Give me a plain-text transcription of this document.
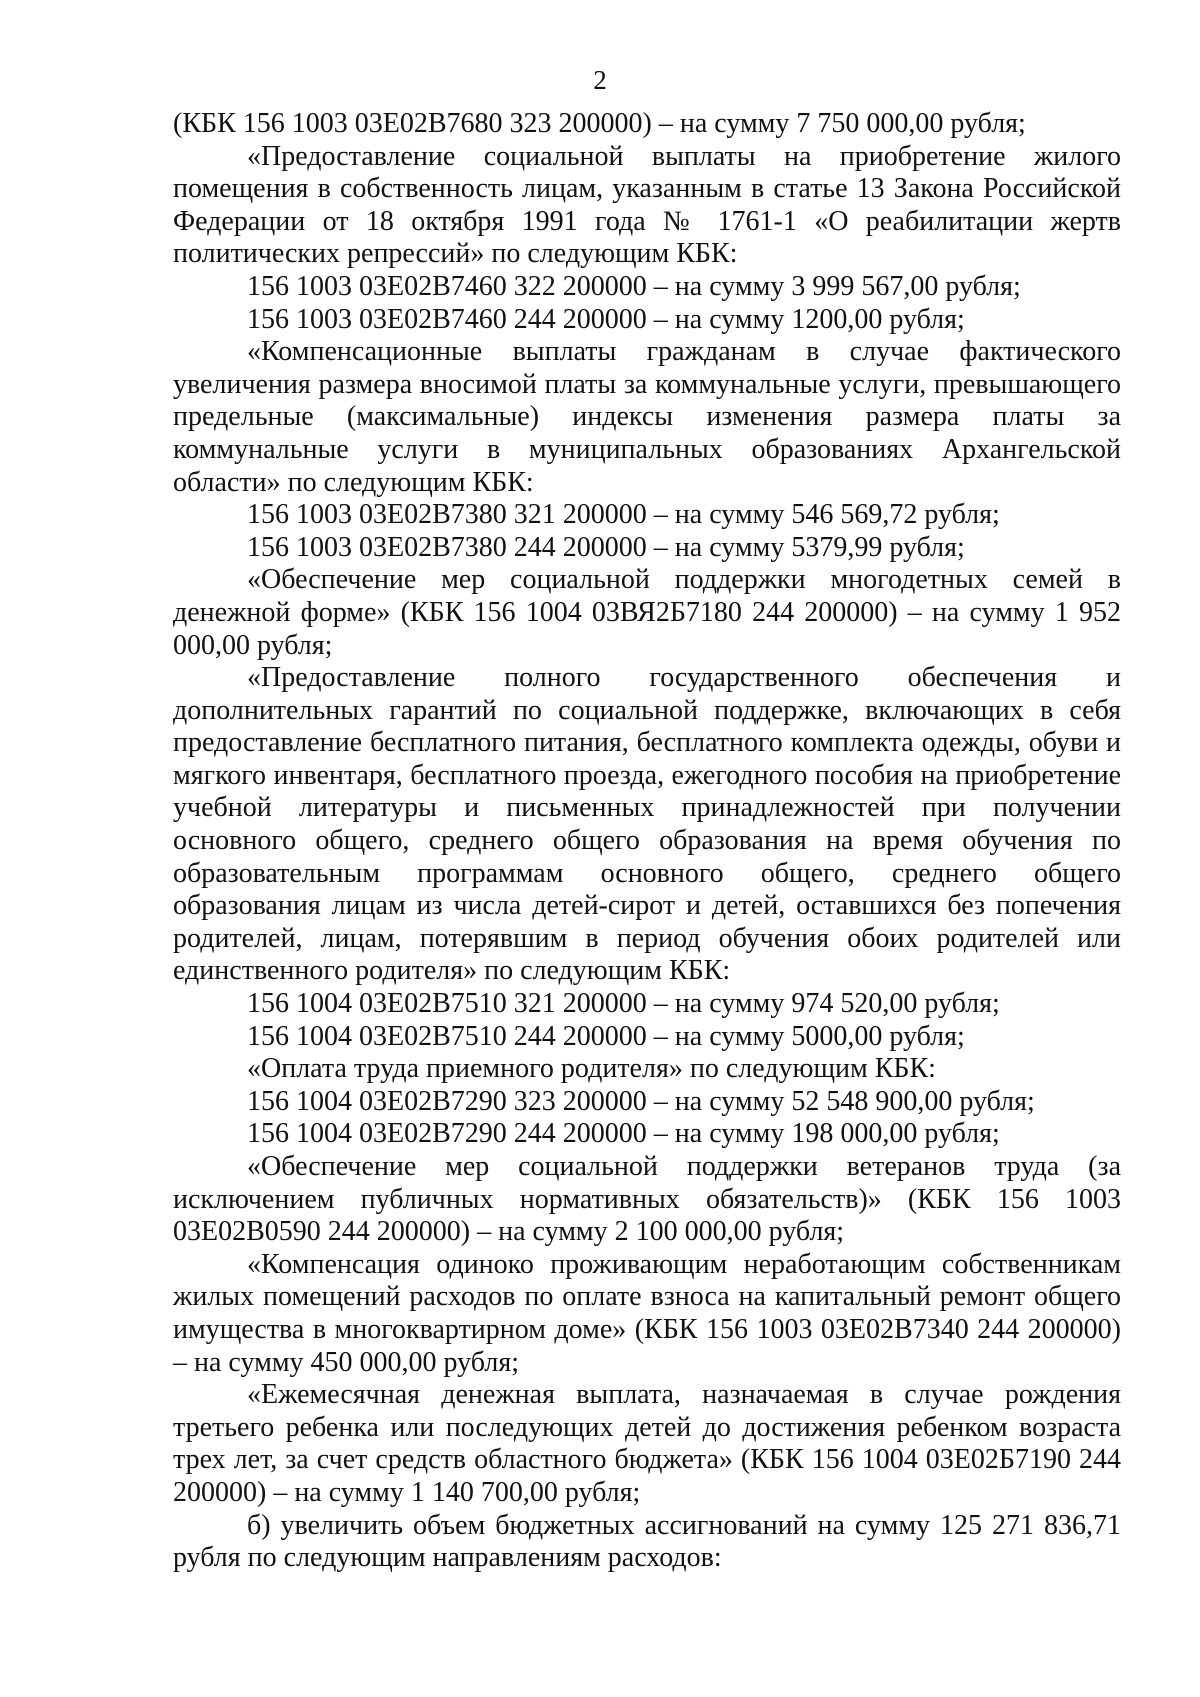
2

(КБК 156 1003 03Е02В7680 323 200000) – на сумму 7 750 000,00 рубля;

«Предоставление социальной выплаты на приобретение жилого помещения в собственность лицам, указанным в статье 13 Закона Российской Федерации от 18 октября 1991 года № 1761-1 «О реабилитации жертв политических репрессий» по следующим КБК:

156 1003 03Е02В7460 322 200000 – на сумму 3 999 567,00 рубля;

156 1003 03Е02В7460 244 200000 – на сумму 1200,00 рубля;

«Компенсационные выплаты гражданам в случае фактического увеличения размера вносимой платы за коммунальные услуги, превышающего предельные (максимальные) индексы изменения размера платы за коммунальные услуги в муниципальных образованиях Архангельской области» по следующим КБК:

156 1003 03Е02В7380 321 200000 – на сумму 546 569,72 рубля;

156 1003 03Е02В7380 244 200000 – на сумму 5379,99 рубля;

«Обеспечение мер социальной поддержки многодетных семей в денежной форме» (КБК 156 1004 03ВЯ2Б7180 244 200000) – на сумму 1 952 000,00 рубля;

«Предоставление полного государственного обеспечения и дополнительных гарантий по социальной поддержке, включающих в себя предоставление бесплатного питания, бесплатного комплекта одежды, обуви и мягкого инвентаря, бесплатного проезда, ежегодного пособия на приобретение учебной литературы и письменных принадлежностей при получении основного общего, среднего общего образования на время обучения по образовательным программам основного общего, среднего общего образования лицам из числа детей-сирот и детей, оставшихся без попечения родителей, лицам, потерявшим в период обучения обоих родителей или единственного родителя» по следующим КБК:

156 1004 03Е02В7510 321 200000 – на сумму 974 520,00 рубля;

156 1004 03Е02В7510 244 200000 – на сумму 5000,00 рубля;

«Оплата труда приемного родителя» по следующим КБК:

156 1004 03Е02В7290 323 200000 – на сумму 52 548 900,00 рубля;

156 1004 03Е02В7290 244 200000 – на сумму 198 000,00 рубля;

«Обеспечение мер социальной поддержки ветеранов труда (за исключением публичных нормативных обязательств)» (КБК 156 1003 03Е02В0590 244 200000) – на сумму 2 100 000,00 рубля;

«Компенсация одиноко проживающим неработающим собственникам жилых помещений расходов по оплате взноса на капитальный ремонт общего имущества в многоквартирном доме» (КБК 156 1003 03Е02В7340 244 200000) – на сумму 450 000,00 рубля;

«Ежемесячная денежная выплата, назначаемая в случае рождения третьего ребенка или последующих детей до достижения ребенком возраста трех лет, за счет средств областного бюджета» (КБК 156 1004 03Е02Б7190 244 200000) – на сумму 1 140 700,00 рубля;

б) увеличить объем бюджетных ассигнований на сумму 125 271 836,71 рубля по следующим направлениям расходов:
